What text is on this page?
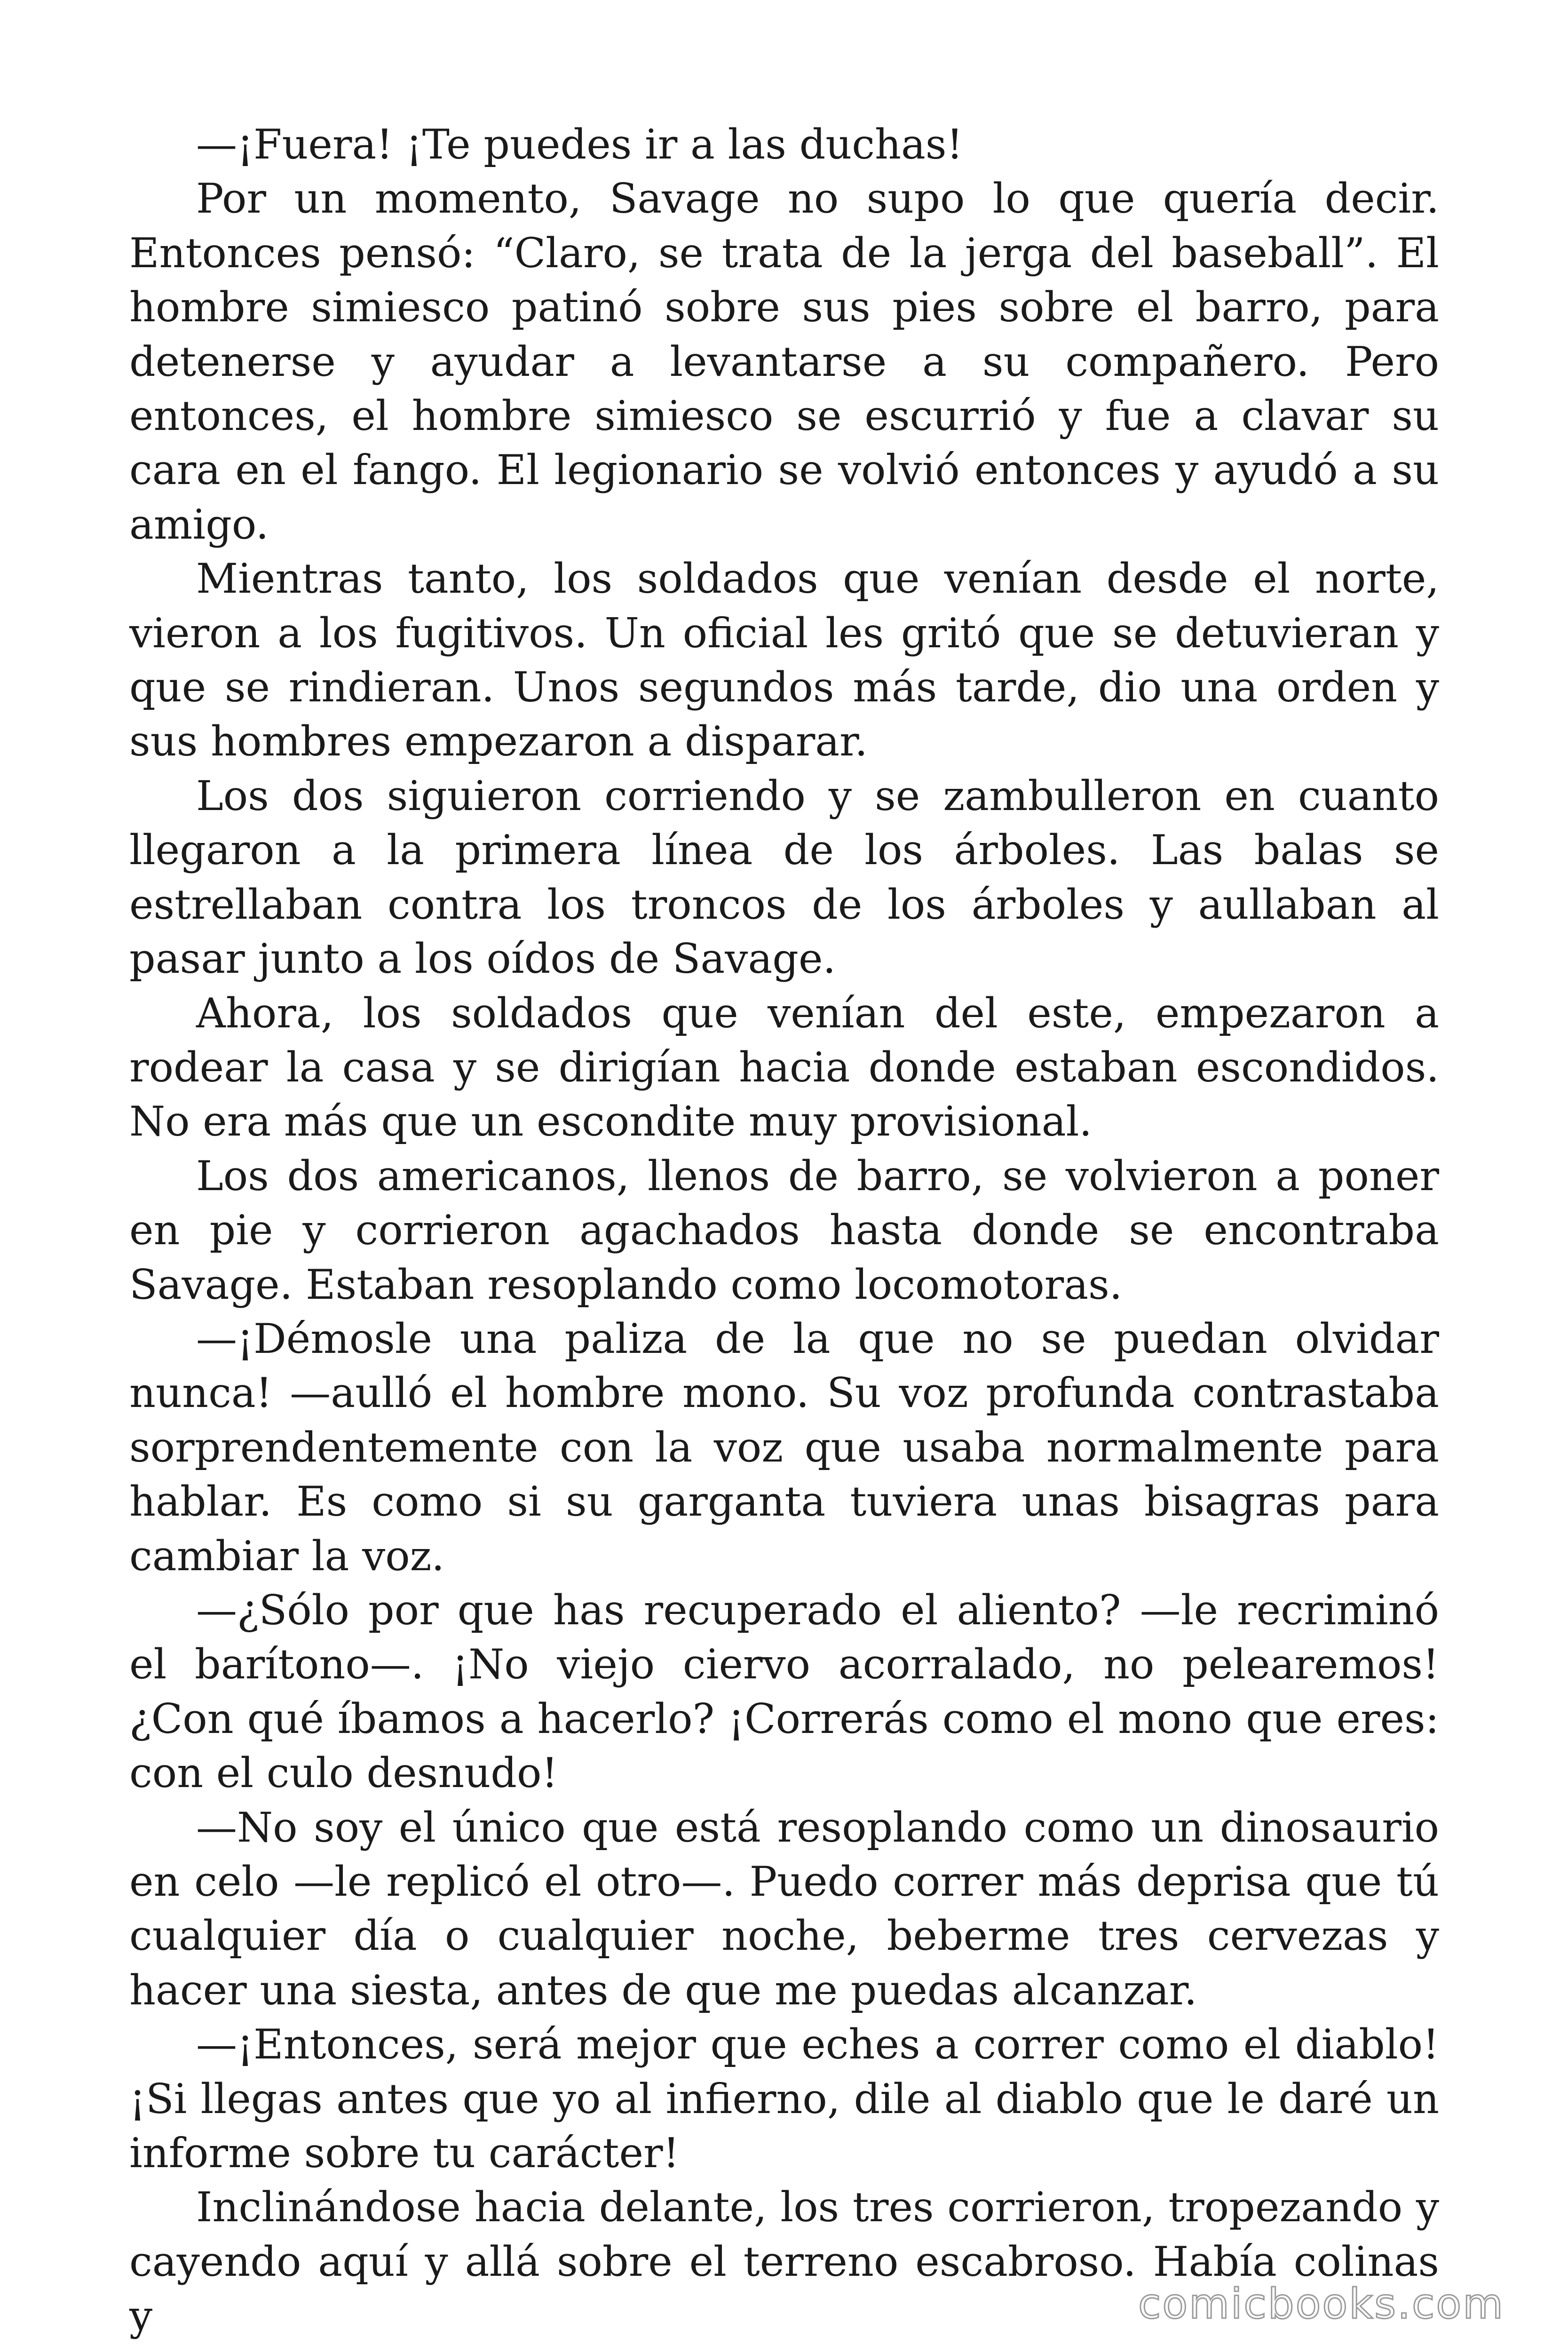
—¡Fuera! ¡Te puedes ir a las duchas!

Por un momento, Savage no supo lo que quería decir. Entonces pensó: “Claro, se trata de la jerga del baseball”. El hombre simiesco patinó sobre sus pies sobre el barro, para detenerse y ayudar a levantarse a su compañero. Pero entonces, el hombre simiesco se escurrió y fue a clavar su cara en el fango. El legionario se volvió entonces y ayudó a su amigo.

Mientras tanto, los soldados que venían desde el norte, vieron a los fugitivos. Un oficial les gritó que se detuvieran y que se rindieran. Unos segundos más tarde, dio una orden y sus hombres empezaron a disparar.

Los dos siguieron corriendo y se zambulleron en cuanto llegaron a la primera línea de los árboles. Las balas se estrellaban contra los troncos de los árboles y aullaban al pasar junto a los oídos de Savage.

Ahora, los soldados que venían del este, empezaron a rodear la casa y se dirigían hacia donde estaban escondidos. No era más que un escondite muy provisional.

Los dos americanos, llenos de barro, se volvieron a poner en pie y corrieron agachados hasta donde se encontraba Savage. Estaban resoplando como locomotoras.

—¡Démosle una paliza de la que no se puedan olvidar nunca! —aulló el hombre mono. Su voz profunda contrastaba sorprendentemente con la voz que usaba normalmente para hablar. Es como si su garganta tuviera unas bisagras para cambiar la voz.

—¿Sólo por que has recuperado el aliento? —le recriminó el barítono—. ¡No viejo ciervo acorralado, no pelearemos! ¿Con qué íbamos a hacerlo? ¡Correrás como el mono que eres: con el culo desnudo!

—No soy el único que está resoplando como un dinosaurio en celo —le replicó el otro—. Puedo correr más deprisa que tú cualquier día o cualquier noche, beberme tres cervezas y hacer una siesta, antes de que me puedas alcanzar.

—¡Entonces, será mejor que eches a correr como el diablo! ¡Si llegas antes que yo al infierno, dile al diablo que le daré un informe sobre tu carácter!

Inclinándose hacia delante, los tres corrieron, tropezando y cayendo aquí y allá sobre el terreno escabroso. Había colinas y	comicbooks.com
